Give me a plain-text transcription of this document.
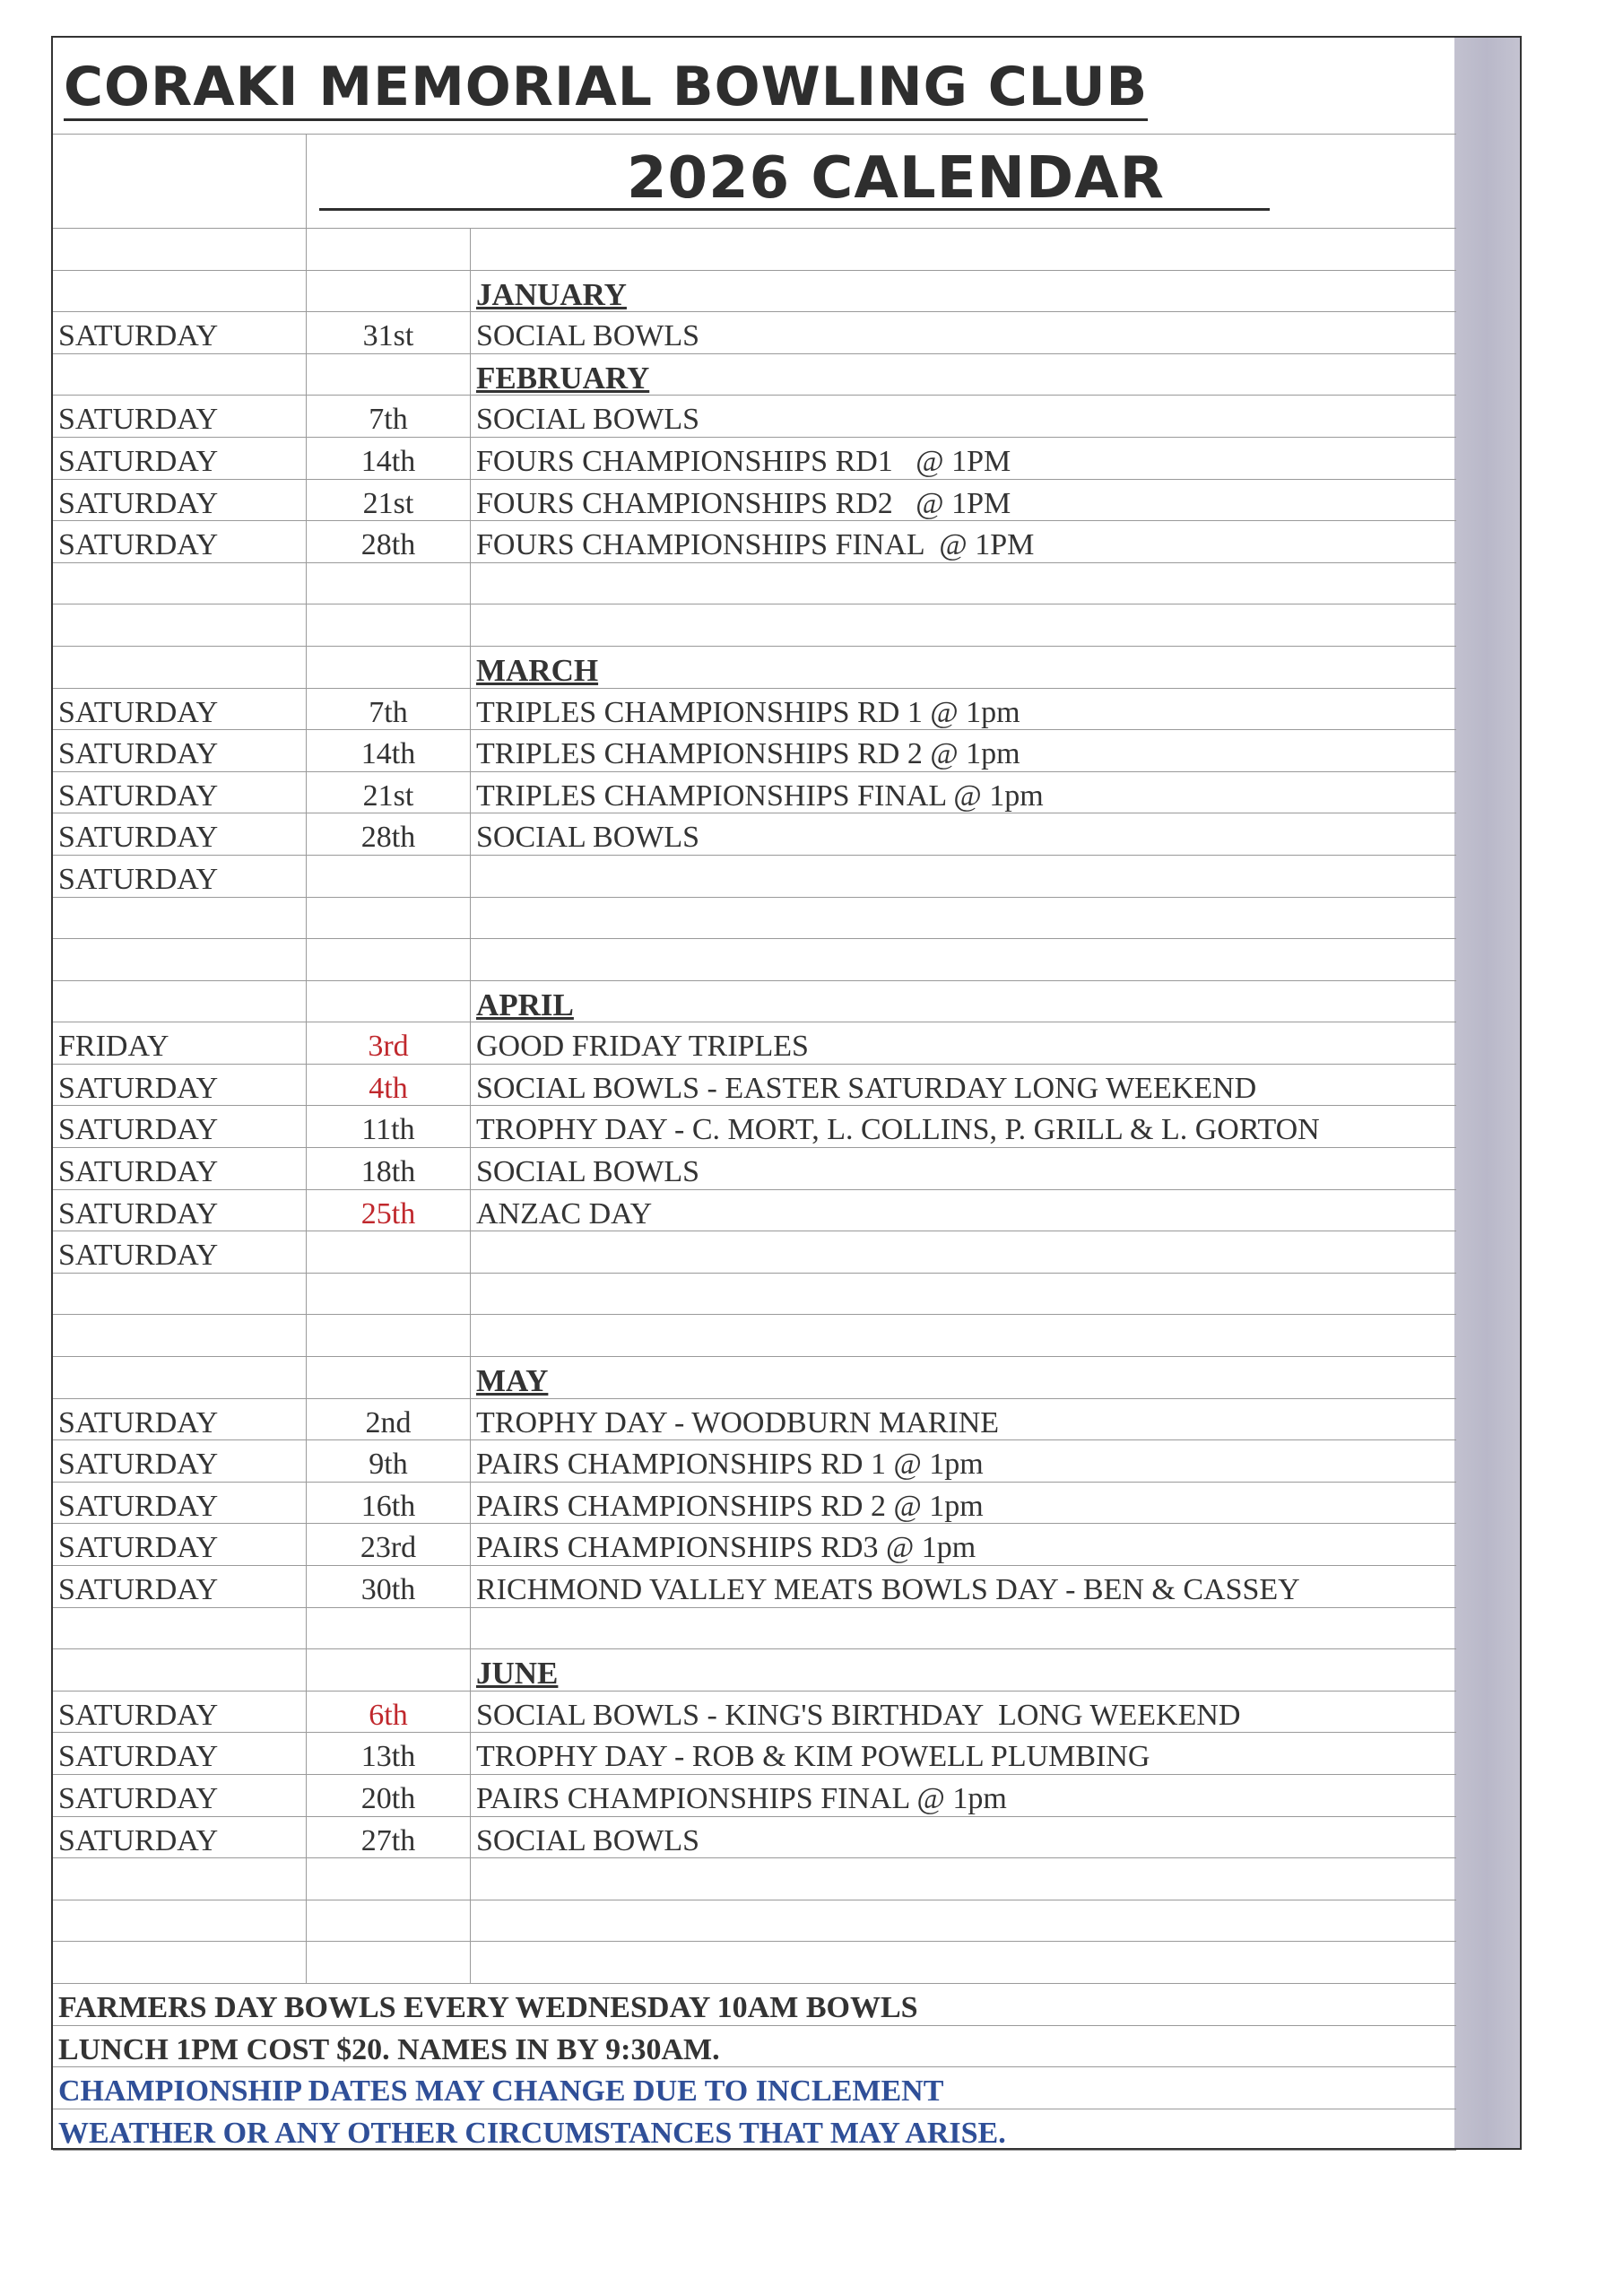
CORAKI MEMORIAL BOWLING CLUB
2026 CALENDAR
JANUARY
SATURDAY	31st	SOCIAL BOWLS
FEBRUARY
SATURDAY	7th	SOCIAL BOWLS
SATURDAY	14th	FOURS CHAMPIONSHIPS RD1   @ 1PM
SATURDAY	21st	FOURS CHAMPIONSHIPS RD2   @ 1PM
SATURDAY	28th	FOURS CHAMPIONSHIPS FINAL  @ 1PM
MARCH
SATURDAY	7th	TRIPLES CHAMPIONSHIPS RD 1 @ 1pm
SATURDAY	14th	TRIPLES CHAMPIONSHIPS RD 2 @ 1pm
SATURDAY	21st	TRIPLES CHAMPIONSHIPS FINAL @ 1pm
SATURDAY	28th	SOCIAL BOWLS
SATURDAY
APRIL
FRIDAY	3rd	GOOD FRIDAY TRIPLES
SATURDAY	4th	SOCIAL BOWLS - EASTER SATURDAY LONG WEEKEND
SATURDAY	11th	TROPHY DAY - C. MORT, L. COLLINS, P. GRILL & L. GORTON
SATURDAY	18th	SOCIAL BOWLS
SATURDAY	25th	ANZAC DAY
SATURDAY
MAY
SATURDAY	2nd	TROPHY DAY - WOODBURN MARINE
SATURDAY	9th	PAIRS CHAMPIONSHIPS RD 1 @ 1pm
SATURDAY	16th	PAIRS CHAMPIONSHIPS RD 2 @ 1pm
SATURDAY	23rd	PAIRS CHAMPIONSHIPS RD3 @ 1pm
SATURDAY	30th	RICHMOND VALLEY MEATS BOWLS DAY - BEN & CASSEY
JUNE
SATURDAY	6th	SOCIAL BOWLS - KING'S BIRTHDAY  LONG WEEKEND
SATURDAY	13th	TROPHY DAY - ROB & KIM POWELL PLUMBING
SATURDAY	20th	PAIRS CHAMPIONSHIPS FINAL @ 1pm
SATURDAY	27th	SOCIAL BOWLS
FARMERS DAY BOWLS EVERY WEDNESDAY 10AM BOWLS
LUNCH 1PM COST $20. NAMES IN BY 9:30AM.
CHAMPIONSHIP DATES MAY CHANGE DUE TO INCLEMENT
WEATHER OR ANY OTHER CIRCUMSTANCES THAT MAY ARISE.
